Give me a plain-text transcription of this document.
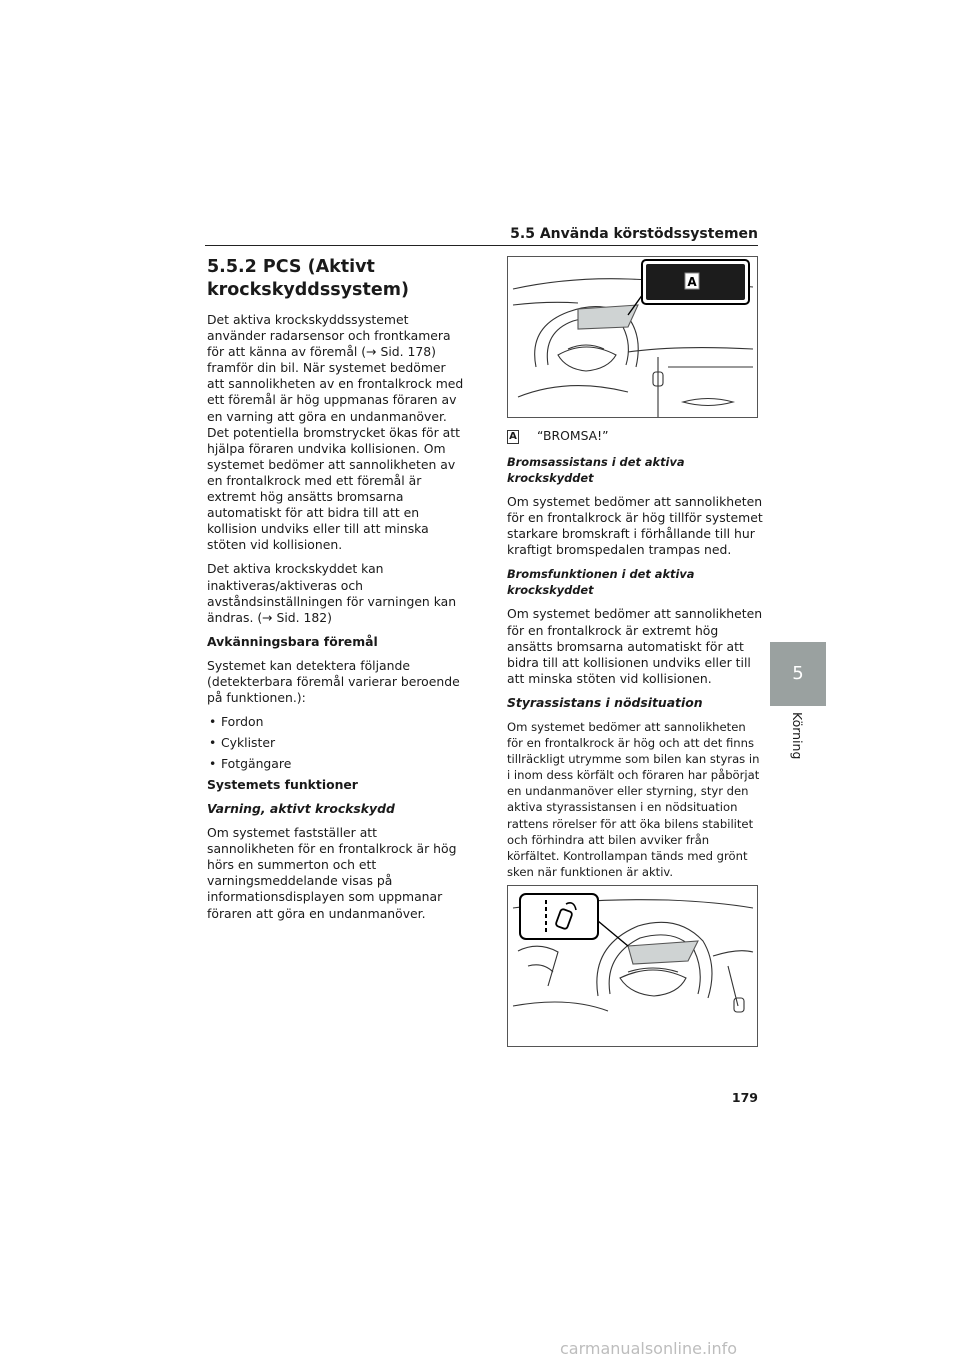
5.5 Använda körstödssystemen
5.5.2 PCS (Aktivt krockskyddssystem)

Det aktiva krockskyddssystemet använder radarsensor och frontkamera för att känna av föremål (→ Sid. 178) framför din bil. När systemet bedömer att sannolikheten av en frontalkrock med ett föremål är hög uppmanas föraren av en varning att göra en undanmanöver. Det potentiella bromstrycket ökas för att hjälpa föraren undvika kollisionen. Om systemet bedömer att sannolikheten av en frontalkrock med ett föremål är extremt hög ansätts bromsarna automatiskt för att bidra till att en kollision undviks eller till att minska stöten vid kollisionen.

Det aktiva krockskyddet kan inaktiveras/aktiveras och avståndsinställningen för varningen kan ändras. (→ Sid. 182)

Avkänningsbara föremål

Systemet kan detektera följande (detekterbara föremål varierar beroende på funktionen.):

• Fordon
• Cyklister
• Fotgängare
Systemets funktioner
Varning, aktivt krockskydd

Om systemet fastställer att sannolikheten för en frontalkrock är hög hörs en summerton och ett varningsmeddelande visas på informationsdisplayen som uppmanar föraren att göra en undanmanöver.

A

A “BROMSA!”

Bromsassistans i det aktiva krockskyddet

Om systemet bedömer att sannolikheten för en frontalkrock är hög tillför systemet starkare bromskraft i förhållande till hur kraftigt bromspedalen trampas ned.

Bromsfunktionen i det aktiva krockskyddet

Om systemet bedömer att sannolikheten för en frontalkrock är extremt hög ansätts bromsarna automatiskt för att bidra till att kollisionen undviks eller till att minska stöten vid kollisionen.

Styrassistans i nödsituation

Om systemet bedömer att sannolikheten för en frontalkrock är hög och att det finns tillräckligt utrymme som bilen kan styras in i inom dess körfält och föraren har påbörjat en undanmanöver eller styrning, styr den aktiva styrassistansen i en nödsituation rattens rörelser för att öka bilens stabilitet och förhindra att bilen avviker från körfältet. Kontrollampan tänds med grönt sken när funktionen är aktiv.

5
Körning
179
carmanualsonline.info
